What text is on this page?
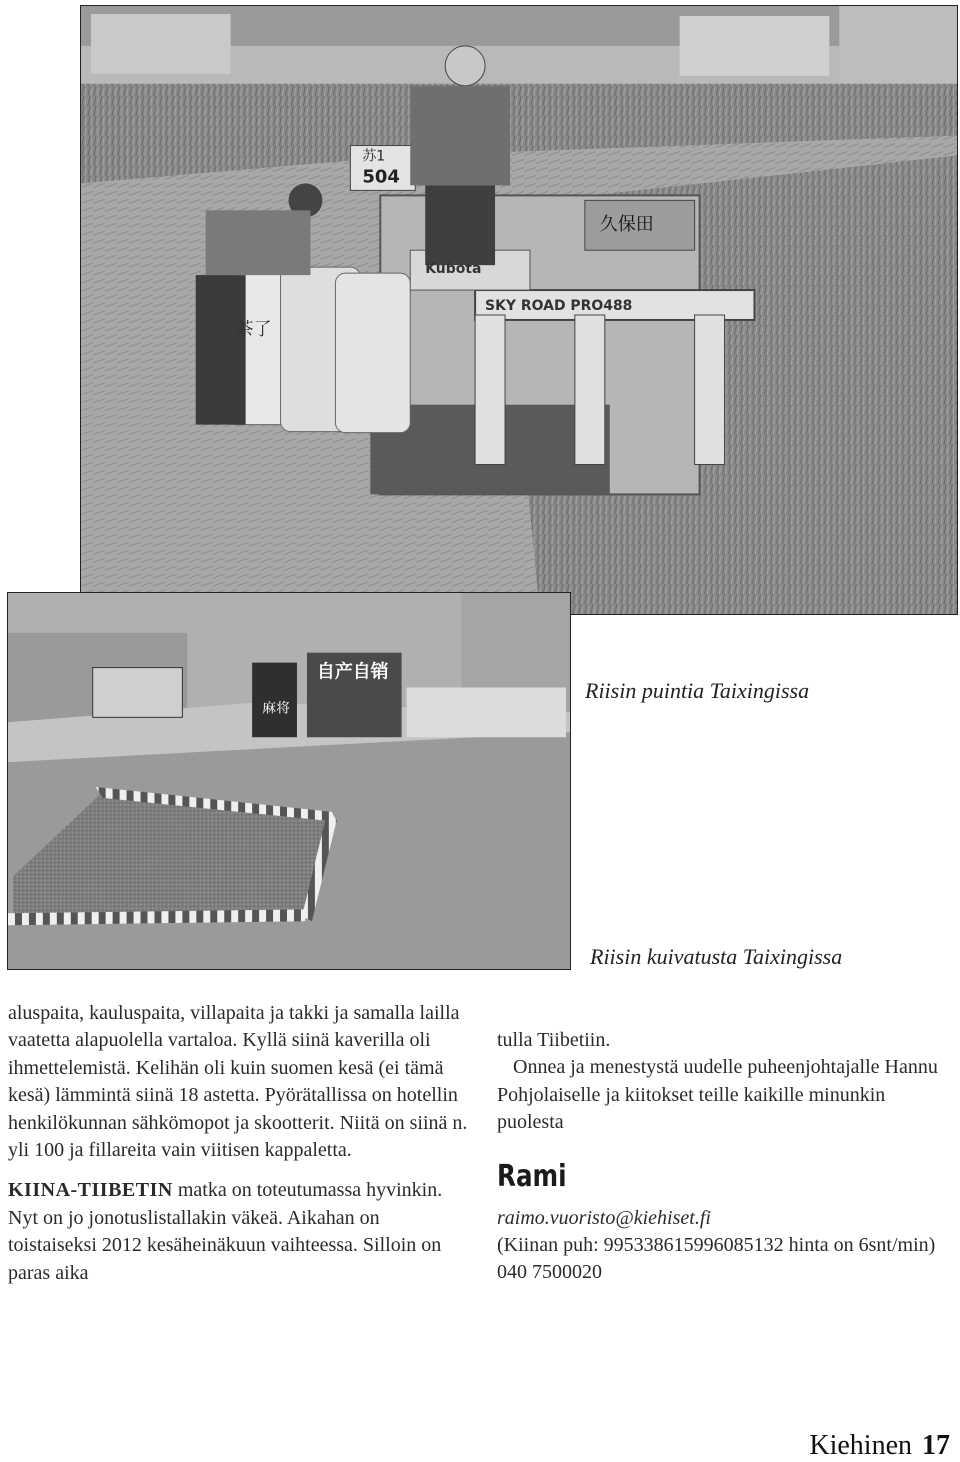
苏1
504
久保田
Kubota
SKY ROAD PRO488
茶了
自产自销
麻将
Riisin puintia Taixingissa
Riisin kuivatusta Taixingissa

aluspaita, kauluspaita, villapaita ja takki ja samalla lailla vaatetta alapuolella vartaloa. Kyllä siinä kaverilla oli ihmettelemistä. Kelihän oli kuin suomen kesä (ei tämä kesä) lämmintä siinä 18 astetta. Pyörätallissa on hotellin henkilökunnan sähkömopot ja skootterit. Niitä on siinä n. yli 100 ja fillareita vain viitisen kappaletta.

KIINA-TIIBETIN matka on toteutumassa hyvinkin. Nyt on jo jonotuslistallakin väkeä. Aikahan on toistaiseksi 2012 kesäheinäkuun vaihteessa. Silloin on paras aika

tulla Tiibetiin.

Onnea ja menestystä uudelle puheenjohtajalle Hannu Pohjolaiselle ja kiitokset teille kaikille minunkin puolesta

Rami

raimo.vuoristo@kiehiset.fi

(Kiinan puh: 995338615996085132 hinta on 6snt/min)

040 7500020

Kiehinen 17
